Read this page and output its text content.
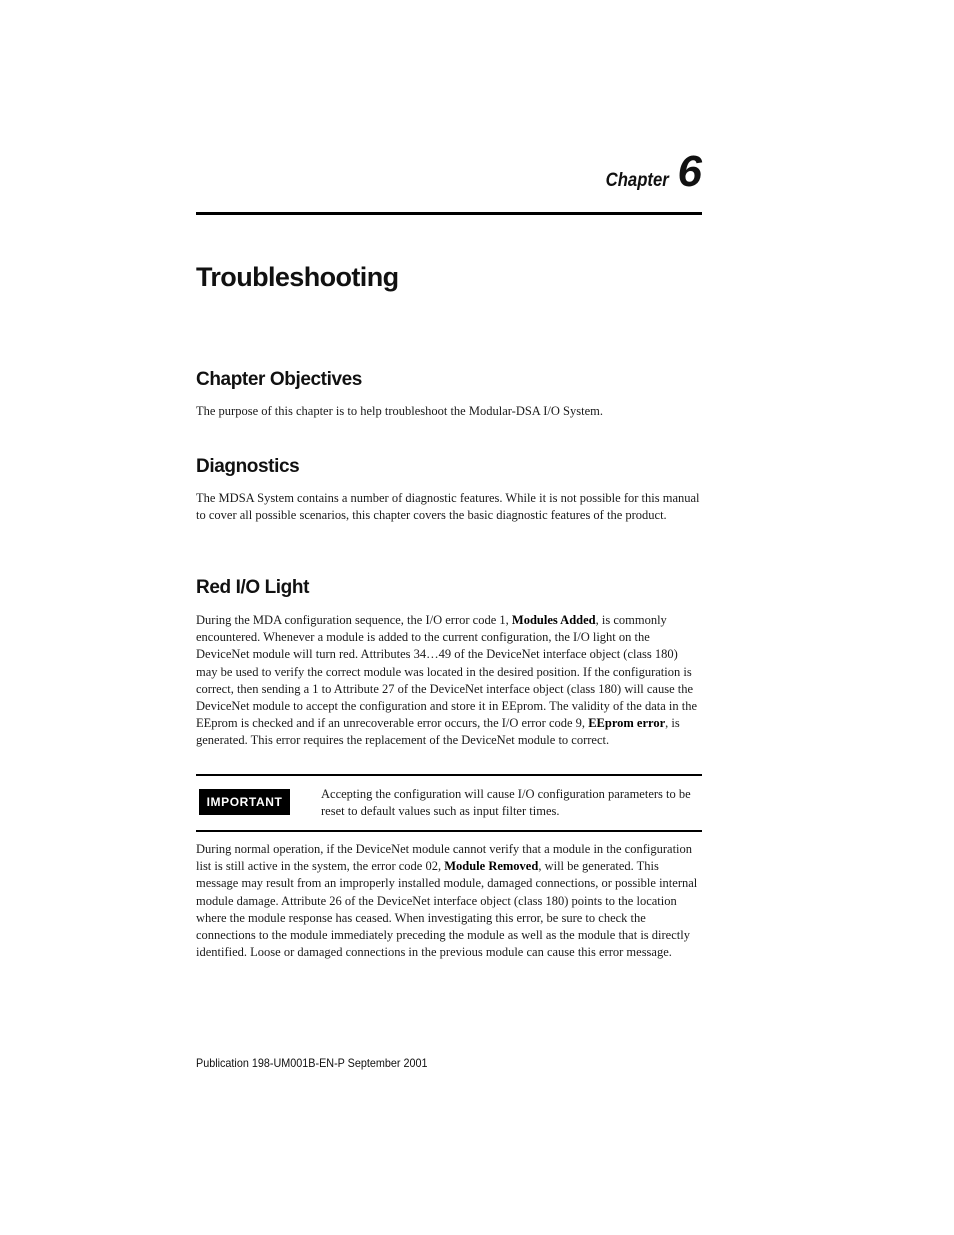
Chapter 6
Troubleshooting
Chapter Objectives

The purpose of this chapter is to help troubleshoot the Modular-DSA I/O System.

Diagnostics

The MDSA System contains a number of diagnostic features. While it is not possible for this manual to cover all possible scenarios, this chapter covers the basic diagnostic features of the product.

Red I/O Light

During the MDA configuration sequence, the I/O error code 1, Modules Added, is commonly encountered. Whenever a module is added to the current configuration, the I/O light on the DeviceNet module will turn red. Attributes 34…49 of the DeviceNet interface object (class 180) may be used to verify the correct module was located in the desired position. If the configuration is correct, then sending a 1 to Attribute 27 of the DeviceNet interface object (class 180) will cause the DeviceNet module to accept the configuration and store it in EEprom. The validity of the data in the EEprom is checked and if an unrecoverable error occurs, the I/O error code 9, EEprom error, is generated. This error requires the replacement of the DeviceNet module to correct.

IMPORTANT

Accepting the configuration will cause I/O configuration parameters to be reset to default values such as input filter times.

During normal operation, if the DeviceNet module cannot verify that a module in the configuration list is still active in the system, the error code 02, Module Removed, will be generated. This message may result from an improperly installed module, damaged connections, or possible internal module damage. Attribute 26 of the DeviceNet interface object (class 180) points to the location where the module response has ceased. When investigating this error, be sure to check the connections to the module immediately preceding the module as well as the module that is directly identified. Loose or damaged connections in the previous module can cause this error message.

Publication 198-UM001B-EN-P September 2001
